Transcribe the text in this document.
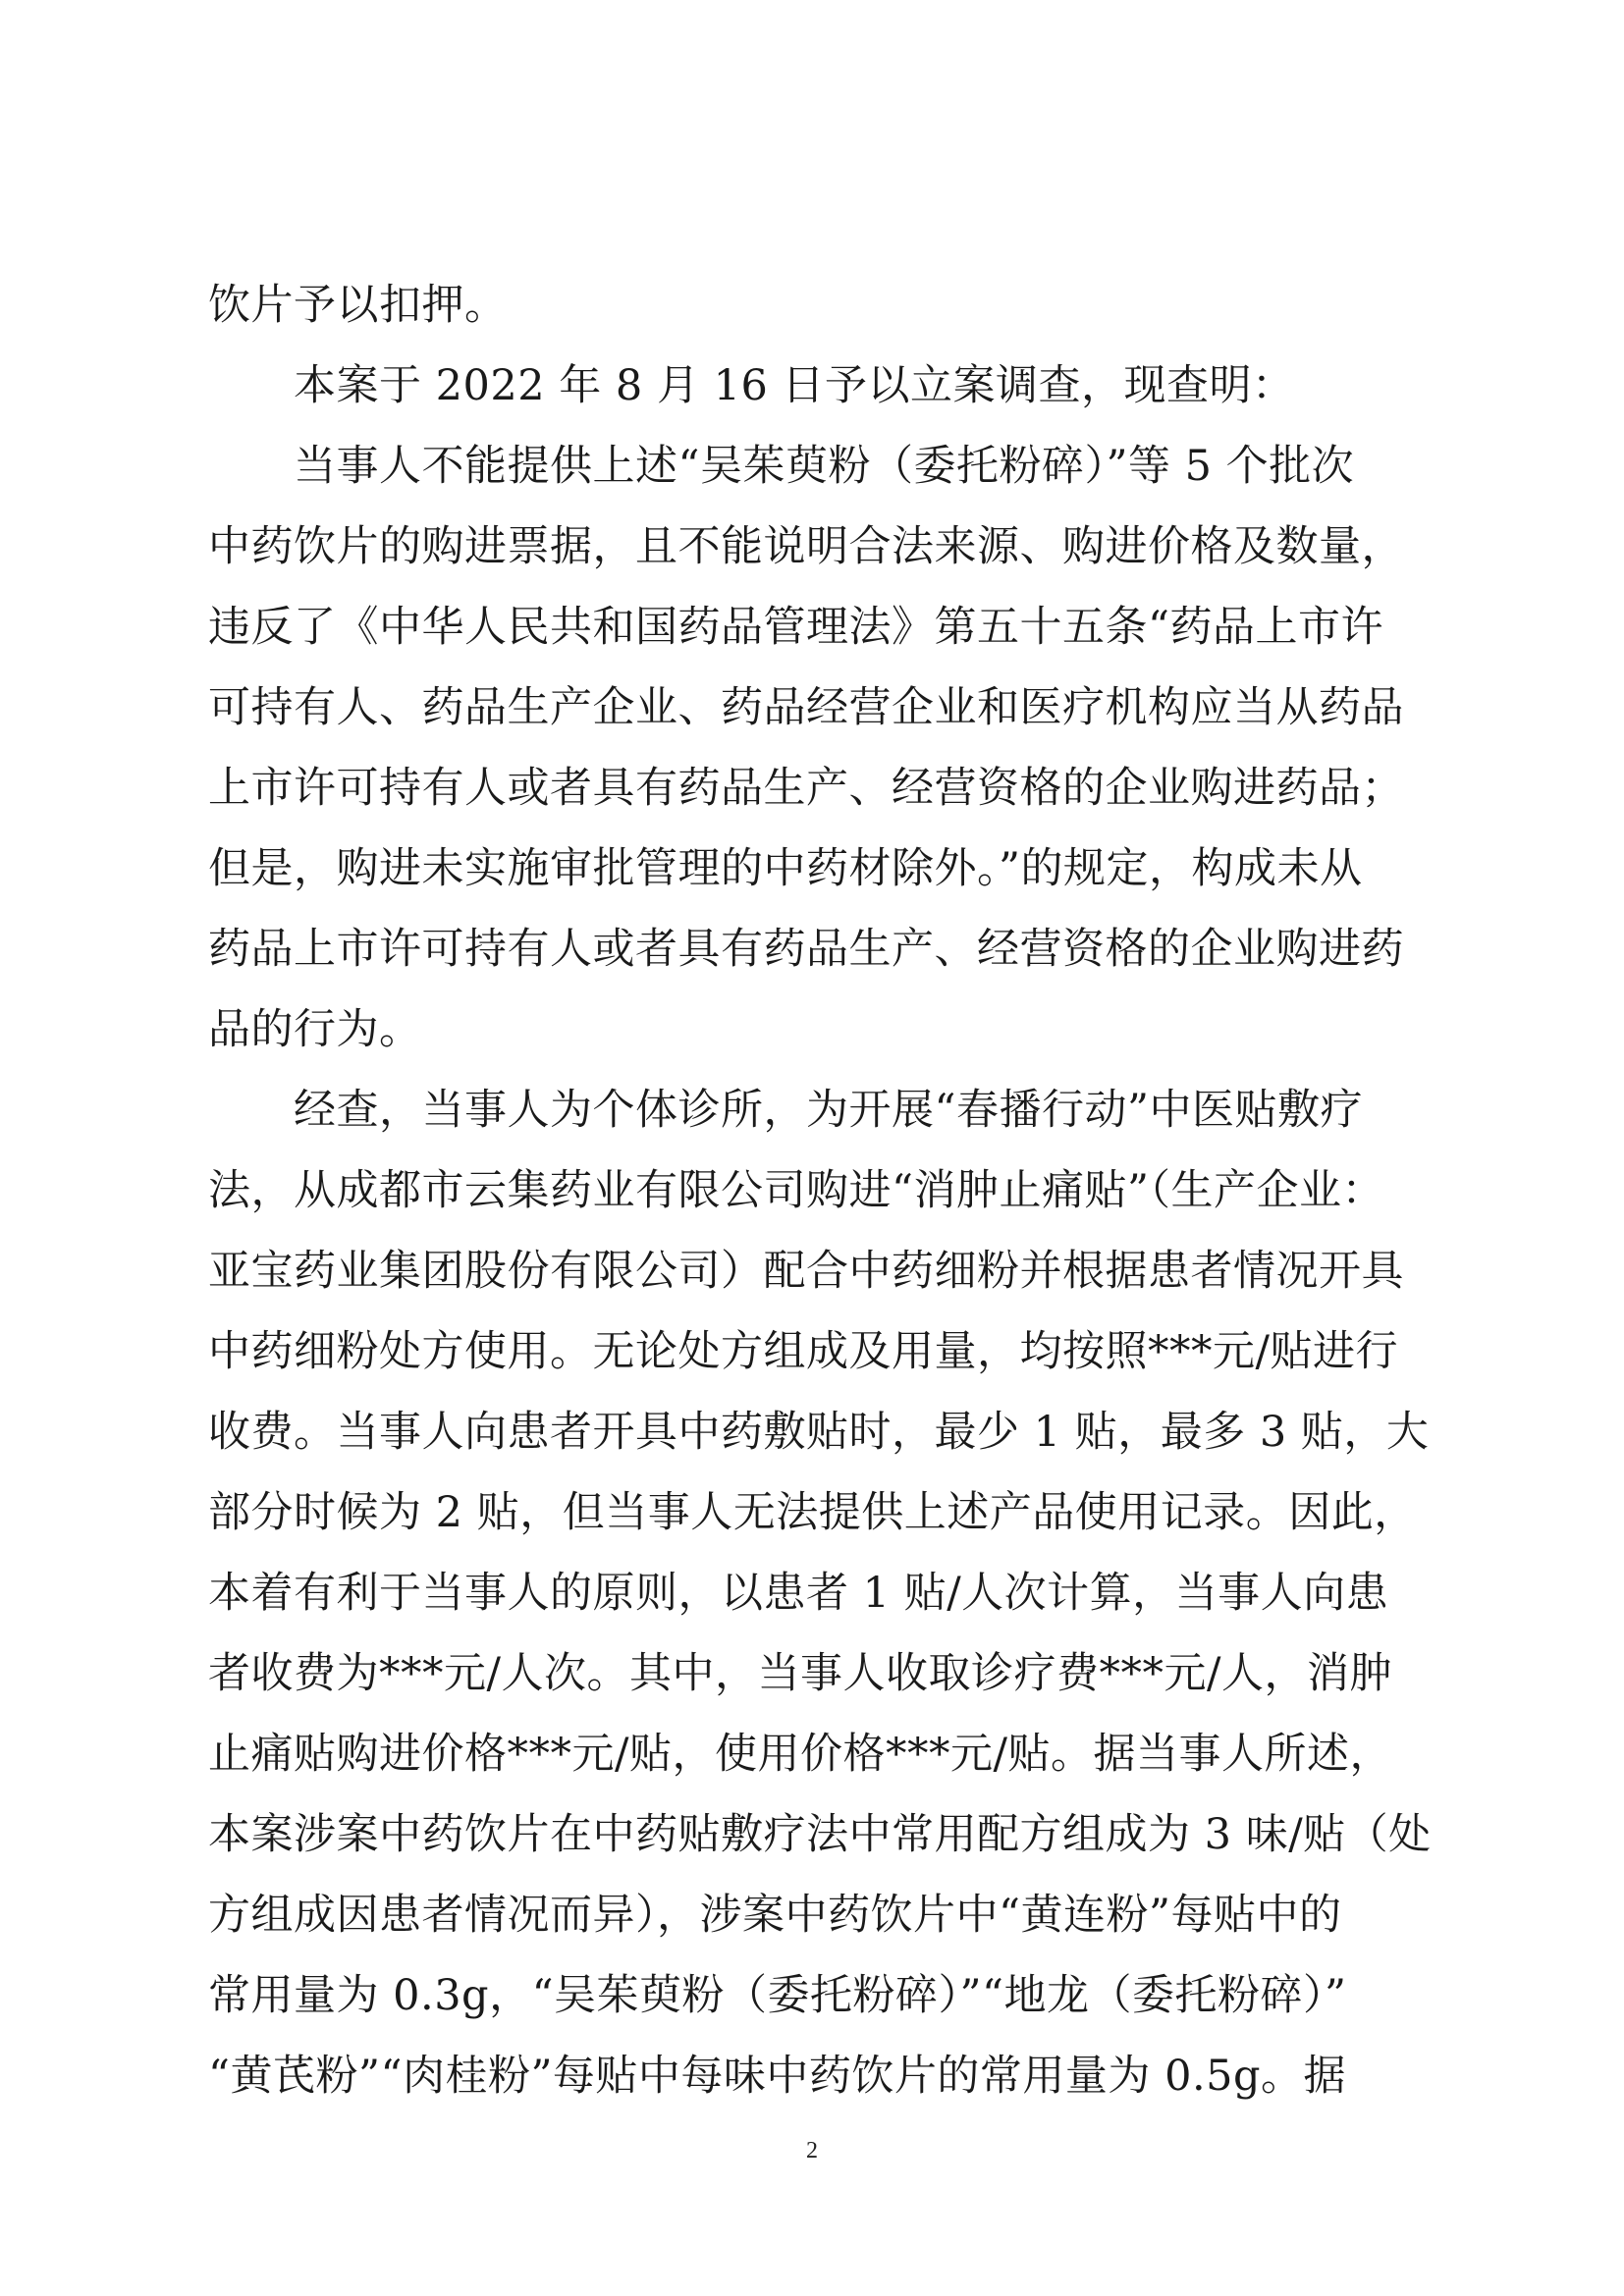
饮片予以扣押。
　　本案于 2022 年 8 月 16 日予以立案调查，现查明：
　　当事人不能提供上述“吴茱萸粉（委托粉碎）”等 5 个批次
中药饮片的购进票据，且不能说明合法来源、购进价格及数量，
违反了《中华人民共和国药品管理法》第五十五条“药品上市许
可持有人、药品生产企业、药品经营企业和医疗机构应当从药品
上市许可持有人或者具有药品生产、经营资格的企业购进药品；
但是，购进未实施审批管理的中药材除外。”的规定，构成未从
药品上市许可持有人或者具有药品生产、经营资格的企业购进药
品的行为。
　　经查，当事人为个体诊所，为开展“春播行动”中医贴敷疗
法，从成都市云集药业有限公司购进“消肿止痛贴”（生产企业：
亚宝药业集团股份有限公司）配合中药细粉并根据患者情况开具
中药细粉处方使用。无论处方组成及用量，均按照***元/贴进行
收费。当事人向患者开具中药敷贴时，最少 1 贴，最多 3 贴，大
部分时候为 2 贴，但当事人无法提供上述产品使用记录。因此，
本着有利于当事人的原则，以患者 1 贴/人次计算，当事人向患
者收费为***元/人次。其中，当事人收取诊疗费***元/人，消肿
止痛贴购进价格***元/贴，使用价格***元/贴。据当事人所述，
本案涉案中药饮片在中药贴敷疗法中常用配方组成为 3 味/贴（处
方组成因患者情况而异），涉案中药饮片中“黄连粉”每贴中的
常用量为 0.3g，“吴茱萸粉（委托粉碎）”“地龙（委托粉碎）”
“黄芪粉”“肉桂粉”每贴中每味中药饮片的常用量为 0.5g。据
2
